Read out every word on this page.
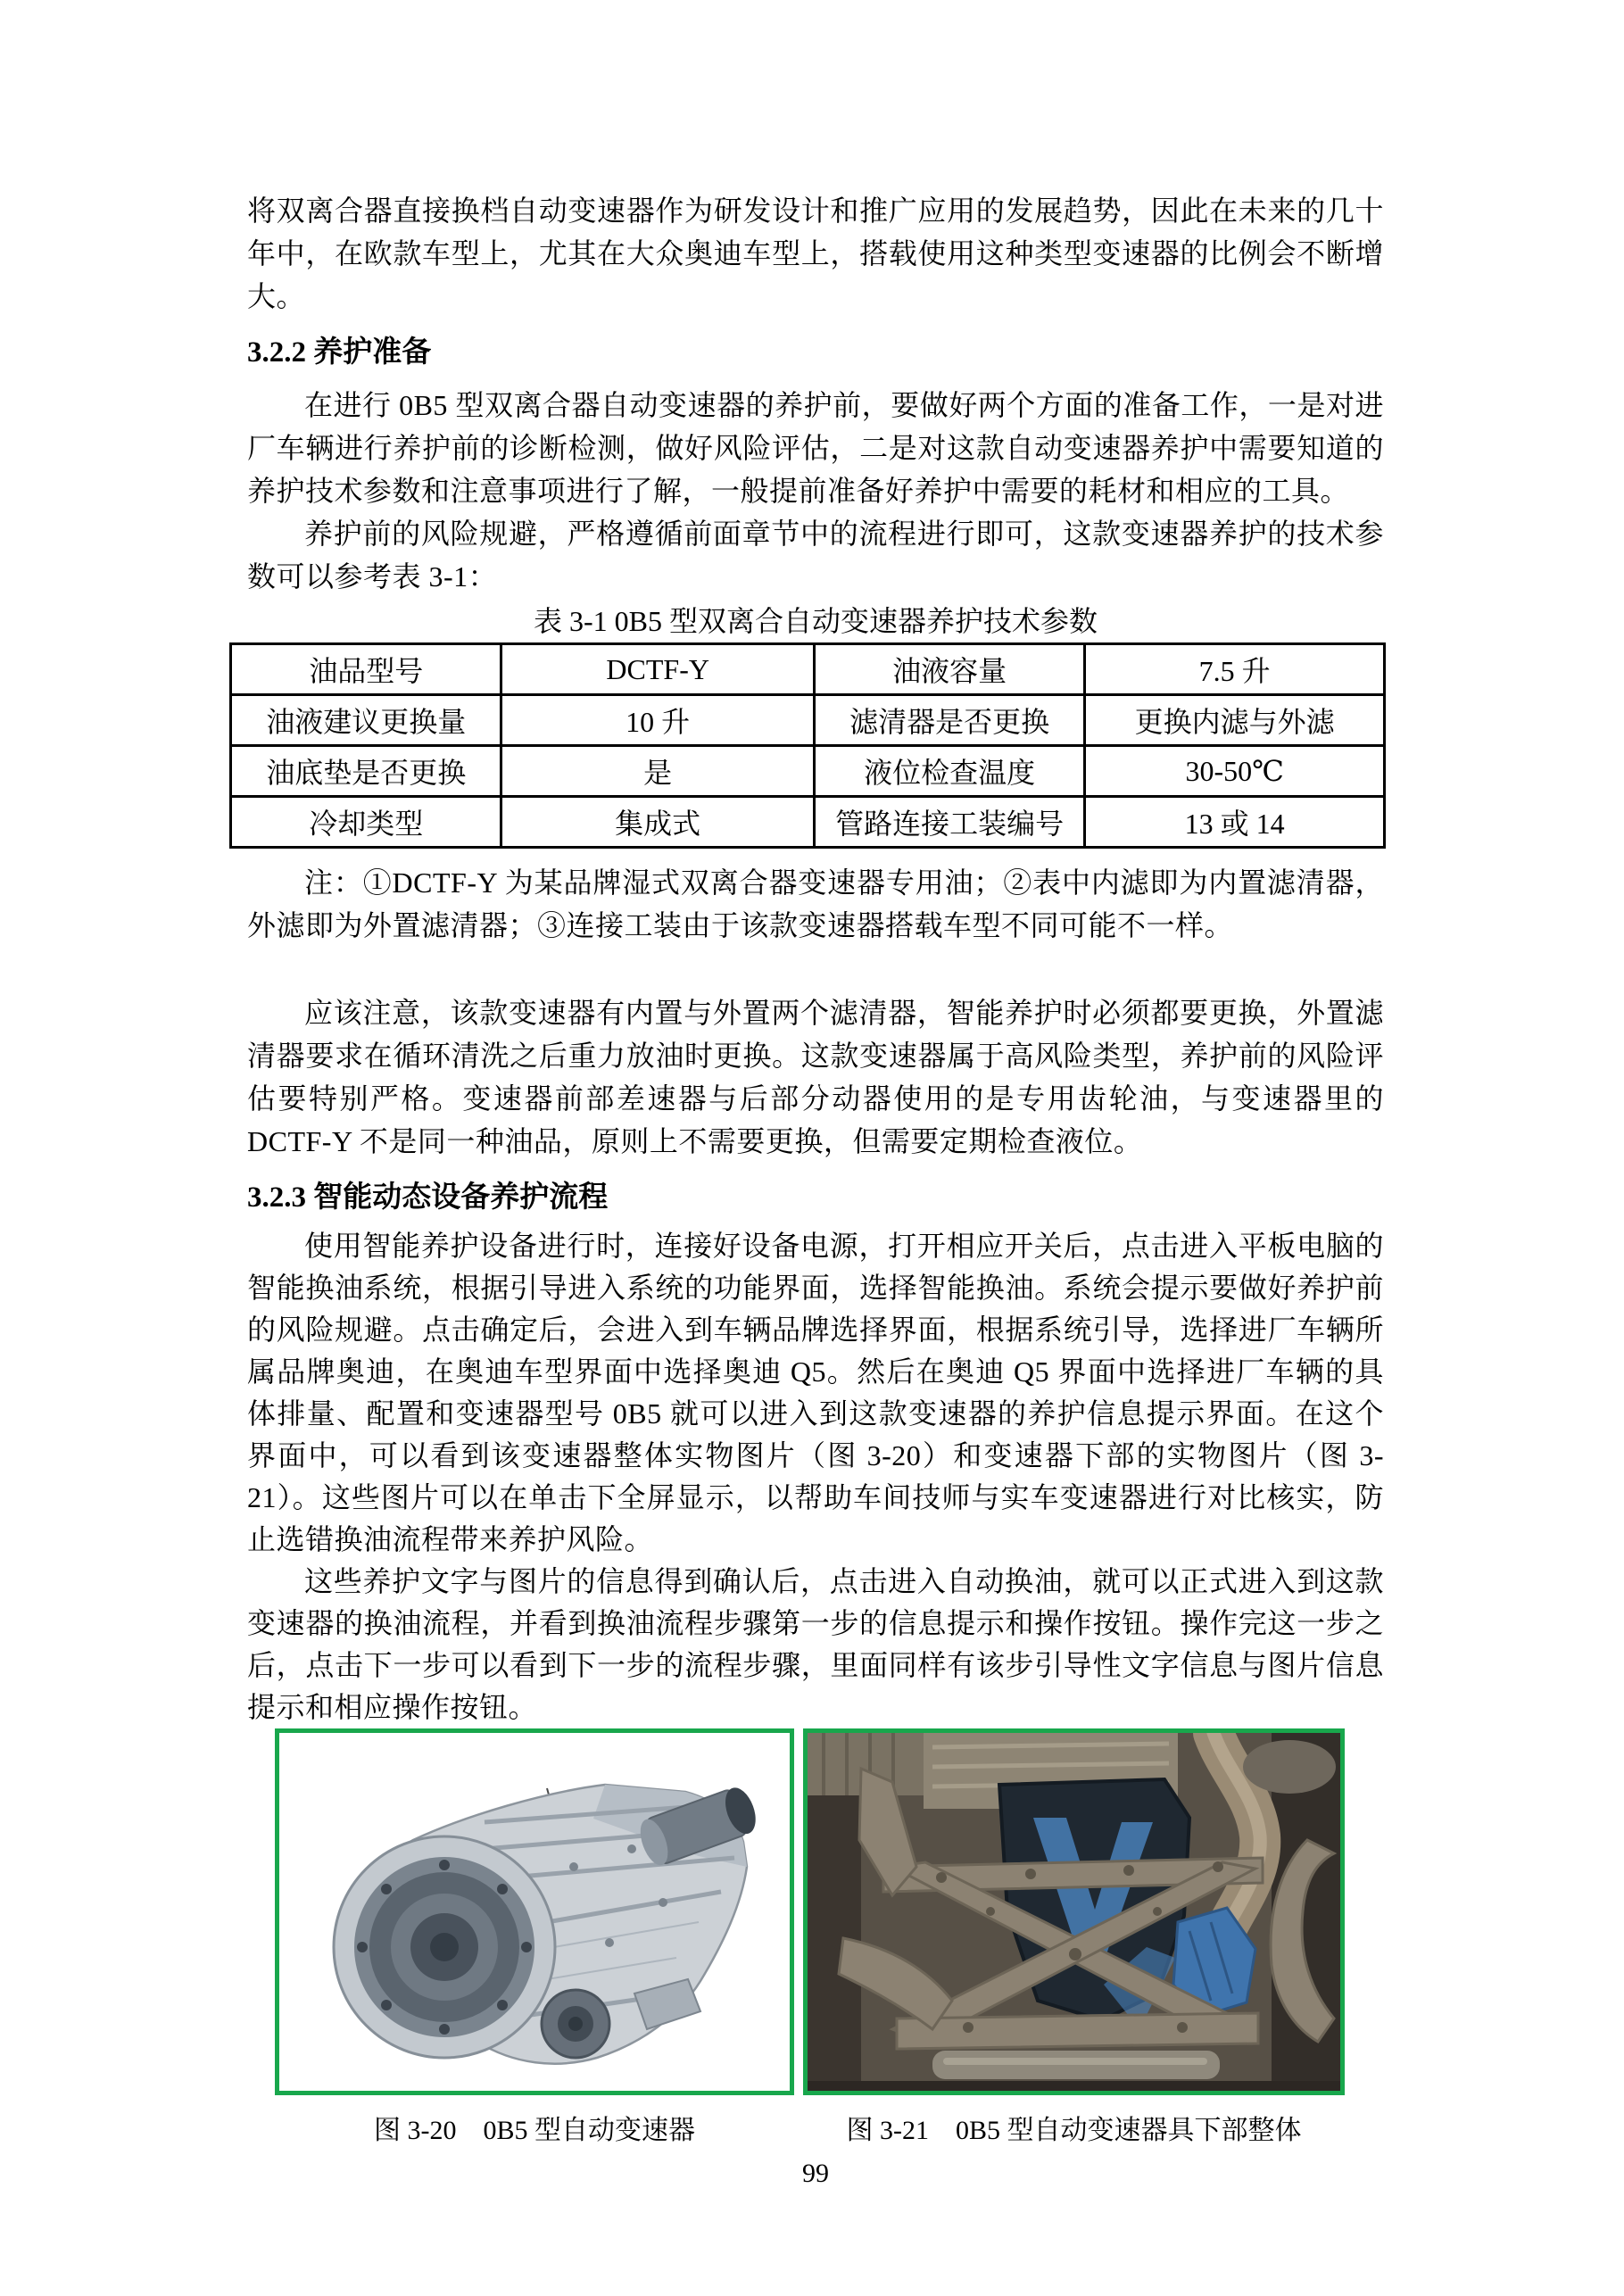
将双离合器直接换档自动变速器作为研发设计和推广应用的发展趋势，因此在未来的几十年中，在欧款车型上，尤其在大众奥迪车型上，搭载使用这种类型变速器的比例会不断增大。

3.2.2 养护准备

在进行 0B5 型双离合器自动变速器的养护前，要做好两个方面的准备工作，一是对进厂车辆进行养护前的诊断检测，做好风险评估，二是对这款自动变速器养护中需要知道的养护技术参数和注意事项进行了解，一般提前准备好养护中需要的耗材和相应的工具。

养护前的风险规避，严格遵循前面章节中的流程进行即可，这款变速器养护的技术参数可以参考表 3-1：

表 3-1 0B5 型双离合自动变速器养护技术参数
油品型号	DCTF-Y	油液容量	7.5 升
油液建议更换量	10 升	滤清器是否更换	更换内滤与外滤
油底垫是否更换	是	液位检查温度	30-50℃
冷却类型	集成式	管路连接工装编号	13 或 14

注：①DCTF-Y 为某品牌湿式双离合器变速器专用油；②表中内滤即为内置滤清器，外滤即为外置滤清器；③连接工装由于该款变速器搭载车型不同可能不一样。

应该注意，该款变速器有内置与外置两个滤清器，智能养护时必须都要更换，外置滤清器要求在循环清洗之后重力放油时更换。这款变速器属于高风险类型，养护前的风险评估要特别严格。变速器前部差速器与后部分动器使用的是专用齿轮油，与变速器里的 DCTF-Y 不是同一种油品，原则上不需要更换，但需要定期检查液位。

3.2.3 智能动态设备养护流程

使用智能养护设备进行时，连接好设备电源，打开相应开关后，点击进入平板电脑的智能换油系统，根据引导进入系统的功能界面，选择智能换油。系统会提示要做好养护前的风险规避。点击确定后，会进入到车辆品牌选择界面，根据系统引导，选择进厂车辆所属品牌奥迪，在奥迪车型界面中选择奥迪 Q5。然后在奥迪 Q5 界面中选择进厂车辆的具体排量、配置和变速器型号 0B5 就可以进入到这款变速器的养护信息提示界面。在这个界面中，可以看到该变速器整体实物图片（图 3-20）和变速器下部的实物图片（图 3-21）。这些图片可以在单击下全屏显示，以帮助车间技师与实车变速器进行对比核实，防止选错换油流程带来养护风险。

这些养护文字与图片的信息得到确认后，点击进入自动换油，就可以正式进入到这款变速器的换油流程，并看到换油流程步骤第一步的信息提示和操作按钮。操作完这一步之后，点击下一步可以看到下一步的流程步骤，里面同样有该步引导性文字信息与图片信息提示和相应操作按钮。

图 3-20　0B5 型自动变速器	图 3-21　0B5 型自动变速器具下部整体
99
